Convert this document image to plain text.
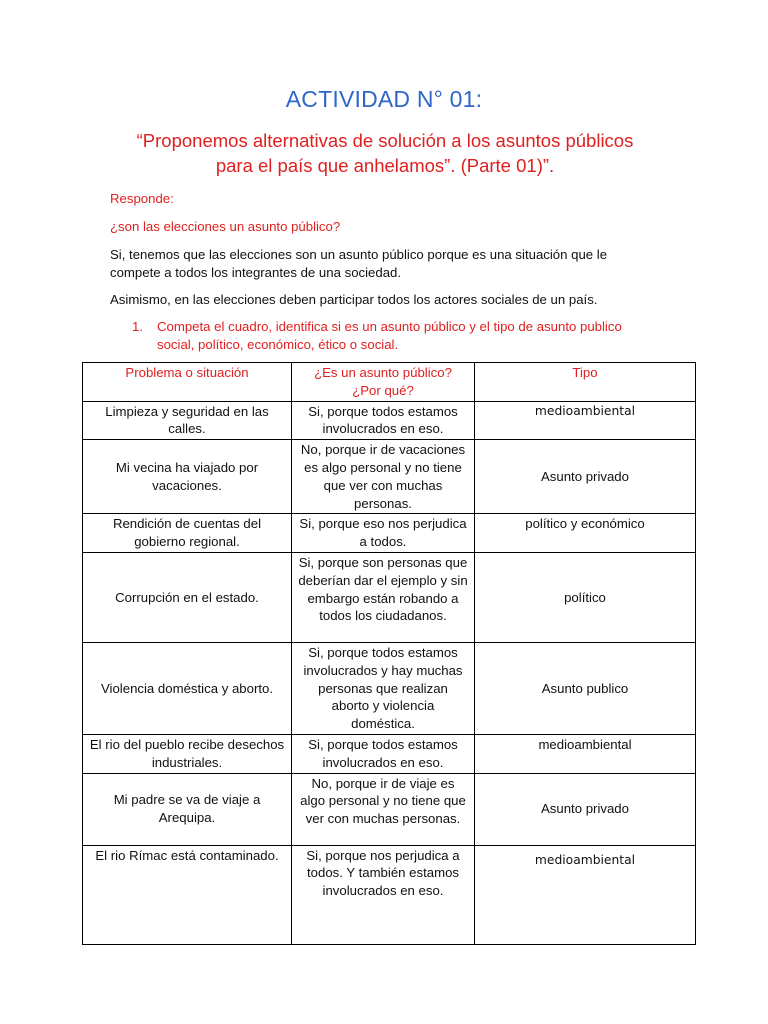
ACTIVIDAD N° 01:
“Proponemos alternativas de solución a los asuntos públicos para el país que anhelamos”. (Parte 01)”.
Responde:
¿son las elecciones un asunto público?
Si, tenemos que las elecciones son un asunto público porque es una situación que le compete a todos los integrantes de una sociedad.
Asimismo, en las elecciones deben participar todos los actores sociales de un país.
1. Competa el cuadro, identifica si es un asunto público y el tipo de asunto publico social, político, económico, ético o social.
Problema o situación	¿Es un asunto público? ¿Por qué?	Tipo
Limpieza y seguridad en las calles.	Si, porque todos estamos involucrados en eso.	medioambiental
Mi vecina ha viajado por vacaciones.	No, porque ir de vacaciones es algo personal y no tiene que ver con muchas personas.	Asunto privado
Rendición de cuentas del gobierno regional.	Si, porque eso nos perjudica a todos.	político y económico
Corrupción en el estado.	Si, porque son personas que deberían dar el ejemplo y sin embargo están robando a todos los ciudadanos.	político
Violencia doméstica y aborto.	Si, porque todos estamos involucrados y hay muchas personas que realizan aborto y violencia doméstica.	Asunto publico
El rio del pueblo recibe desechos industriales.	Si, porque todos estamos involucrados en eso.	medioambiental
Mi padre se va de viaje a Arequipa.	No, porque ir de viaje es algo personal y no tiene que ver con muchas personas.	Asunto privado
El rio Rímac está contaminado.	Si, porque nos perjudica a todos. Y también estamos involucrados en eso.	medioambiental
